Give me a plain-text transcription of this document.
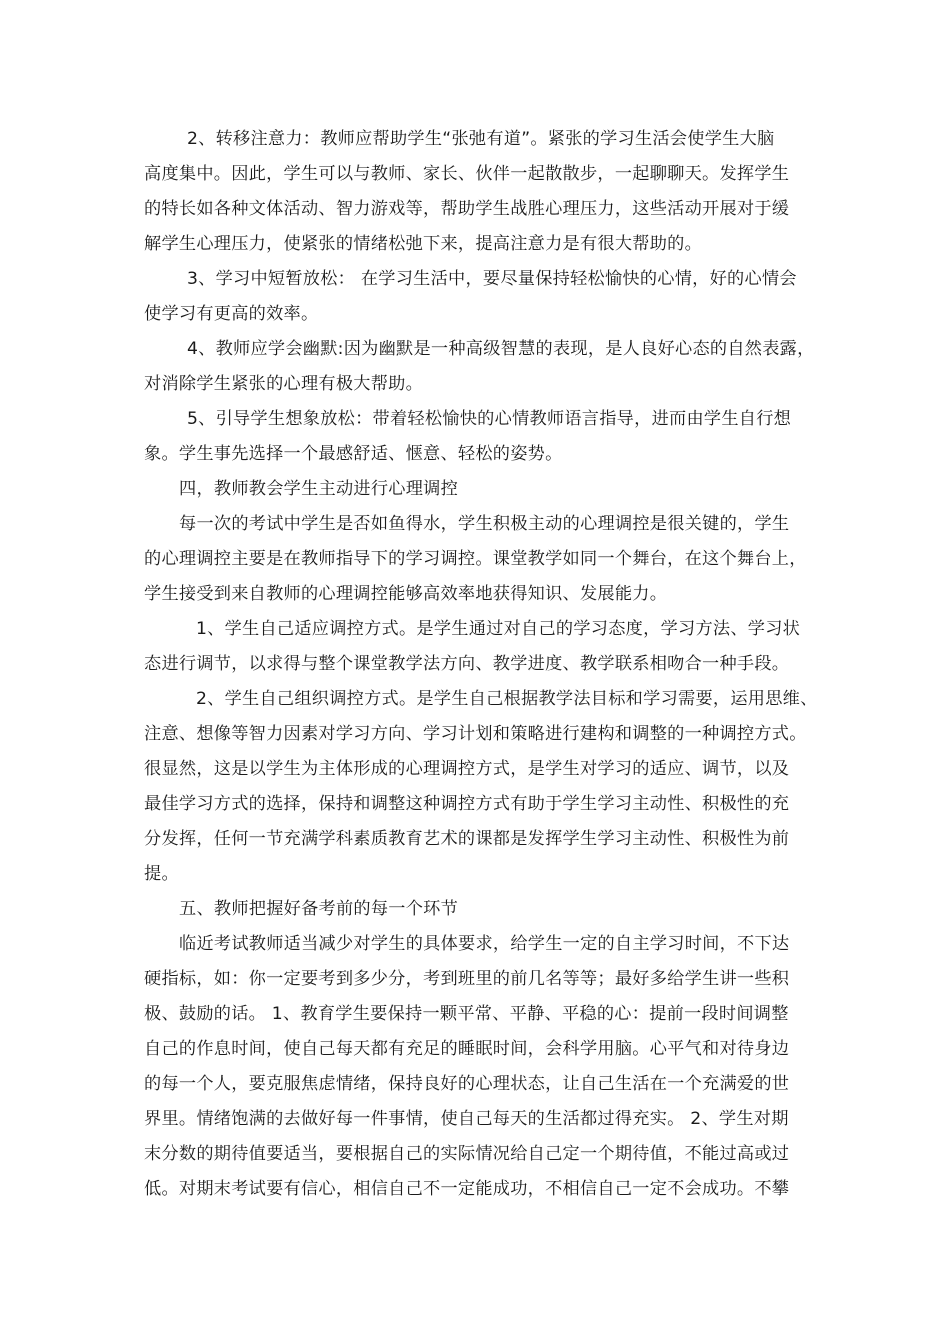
2、转移注意力：教师应帮助学生“张弛有道”。紧张的学习生活会使学生大脑
高度集中。因此，学生可以与教师、家长、伙伴一起散散步，一起聊聊天。发挥学生
的特长如各种文体活动、智力游戏等，帮助学生战胜心理压力，这些活动开展对于缓
解学生心理压力，使紧张的情绪松弛下来，提高注意力是有很大帮助的。
3、学习中短暂放松： 在学习生活中，要尽量保持轻松愉快的心情，好的心情会
使学习有更高的效率。
4、教师应学会幽默:因为幽默是一种高级智慧的表现，是人良好心态的自然表露，
对消除学生紧张的心理有极大帮助。
5、引导学生想象放松：带着轻松愉快的心情教师语言指导，进而由学生自行想
象。学生事先选择一个最感舒适、惬意、轻松的姿势。
四，教师教会学生主动进行心理调控
每一次的考试中学生是否如鱼得水，学生积极主动的心理调控是很关键的，学生
的心理调控主要是在教师指导下的学习调控。课堂教学如同一个舞台，在这个舞台上，
学生接受到来自教师的心理调控能够高效率地获得知识、发展能力。
1、学生自己适应调控方式。是学生通过对自己的学习态度，学习方法、学习状
态进行调节，以求得与整个课堂教学法方向、教学进度、教学联系相吻合一种手段。
2、学生自己组织调控方式。是学生自己根据教学法目标和学习需要，运用思维、
注意、想像等智力因素对学习方向、学习计划和策略进行建构和调整的一种调控方式。
很显然，这是以学生为主体形成的心理调控方式，是学生对学习的适应、调节，以及
最佳学习方式的选择，保持和调整这种调控方式有助于学生学习主动性、积极性的充
分发挥，任何一节充满学科素质教育艺术的课都是发挥学生学习主动性、积极性为前
提。
五、教师把握好备考前的每一个环节
临近考试教师适当减少对学生的具体要求，给学生一定的自主学习时间，不下达
硬指标，如：你一定要考到多少分，考到班里的前几名等等；最好多给学生讲一些积
极、鼓励的话。 1、教育学生要保持一颗平常、平静、平稳的心：提前一段时间调整
自己的作息时间，使自己每天都有充足的睡眠时间，会科学用脑。心平气和对待身边
的每一个人，要克服焦虑情绪，保持良好的心理状态，让自己生活在一个充满爱的世
界里。情绪饱满的去做好每一件事情，使自己每天的生活都过得充实。 2、学生对期
末分数的期待值要适当，要根据自己的实际情况给自己定一个期待值，不能过高或过
低。对期末考试要有信心，相信自己不一定能成功，不相信自己一定不会成功。不攀
